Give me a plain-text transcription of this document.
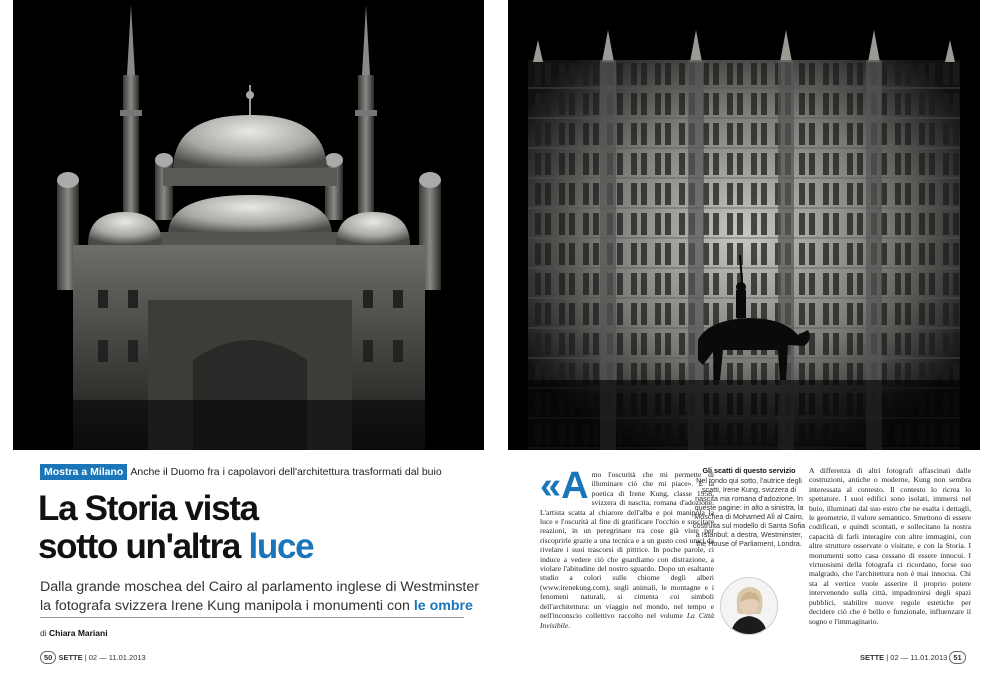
Mostra a Milano Anche il Duomo fra i capolavori dell'architettura trasformati dal buio
La Storia vista
sotto un'altra luce
Dalla grande moschea del Cairo al parlamento inglese di Westminster
la fotografa svizzera Irene Kung manipola i monumenti con le ombre
di Chiara Mariani
50 SETTE | 02 — 11.01.2013
«A mo l'oscurità che mi permette di illuminare ciò che mi piace». È la poetica di Irene Kung, classe 1958, svizzera di nascita, romana d'adozione. L'artista scatta al chiarore dell'alba e poi manipola la luce e l'oscurità al fine di gratificare l'occhio e suscitare reazioni, in un peregrinare tra cose già viste per riscoprirle grazie a una tecnica e a un gusto così unici da rivelare i suoi trascorsi di pittrice. In poche parole, ci induce a vedere ciò che guardiamo con distrazione, a violare l'abitudine del nostro sguardo. Dopo un esaltante studio a colori sulle chiome degli alberi (www.irenekung.com), sugli animali, le montagne e i fenomeni naturali, si cimenta coi simboli dell'architettura: un viaggio nel mondo, nel tempo e nell'inconscio collettivo raccolto nel volume La Città Invisibile.
Gli scatti di questo servizio
Nel tondo qui sotto, l'autrice degli scatti, Irene Kung, svizzera di nascita ma romana d'adozione. In queste pagine: in alto a sinistra, la Moschea di Mohamed Alì al Cairo, costruita sul modello di Santa Sofia a Istanbul; a destra, Westminster, the House of Parliament, Londra.
A differenza di altri fotografi affascinati dalle costruzioni, antiche o moderne, Kung non sembra interessata al contesto. Il contesto lo ricrea lo spettatore. I suoi edifici sono isolati, immersi nel buio, illuminati dal suo estro che ne esalta i dettagli, le geometrie, il valore semantico. Smettono di essere codificati, e quindi scontati, e sollecitano la nostra capacità di farli interagire con altre immagini, con altre strutture osservate o visitate, e con la Storia. I monumenti sotto casa cessano di essere innocui. I virtuosismi della fotografa ci ricordano, forse suo malgrado, che l'architettura non è mai innocua. Chi sta al vertice vuole asserire il proprio potere intervenendo sulla città, impadronirsi degli spazi pubblici, stabilire nuove regole estetiche per decidere ciò che è bello e funzionale, influenzare il sogno e l'immaginario.
SETTE | 02 — 11.01.2013 51
